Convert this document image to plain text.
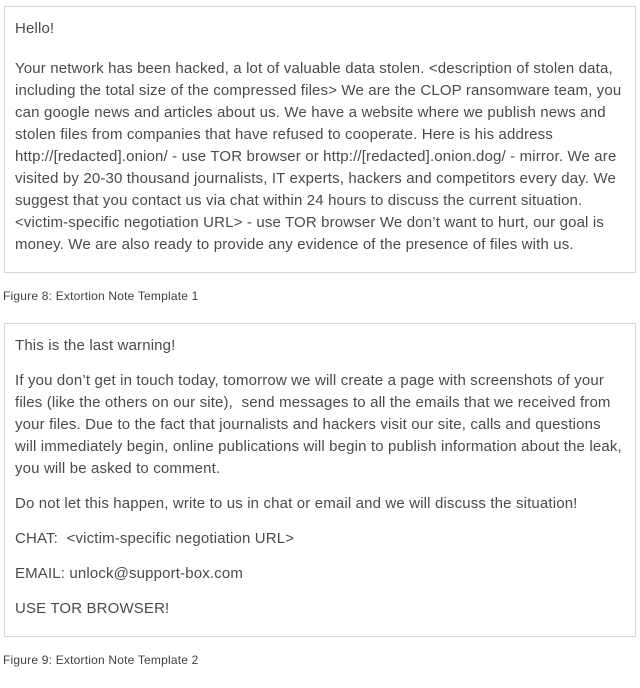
Hello!

Your network has been hacked, a lot of valuable data stolen. <description of stolen data, including the total size of the compressed files> We are the CLOP ransomware team, you can google news and articles about us. We have a website where we publish news and stolen files from companies that have refused to cooperate. Here is his address http://[redacted].onion/ - use TOR browser or http://[redacted].onion.dog/ - mirror. We are visited by 20-30 thousand journalists, IT experts, hackers and competitors every day. We suggest that you contact us via chat within 24 hours to discuss the current situation. <victim-specific negotiation URL> - use TOR browser We don’t want to hurt, our goal is money. We are also ready to provide any evidence of the presence of files with us.

Figure 8: Extortion Note Template 1

This is the last warning!

If you don’t get in touch today, tomorrow we will create a page with screenshots of your files (like the others on our site),  send messages to all the emails that we received from your files. Due to the fact that journalists and hackers visit our site, calls and questions will immediately begin, online publications will begin to publish information about the leak, you will be asked to comment.

Do not let this happen, write to us in chat or email and we will discuss the situation!

CHAT:  <victim-specific negotiation URL>

EMAIL: unlock@support-box.com

USE TOR BROWSER!

Figure 9: Extortion Note Template 2
